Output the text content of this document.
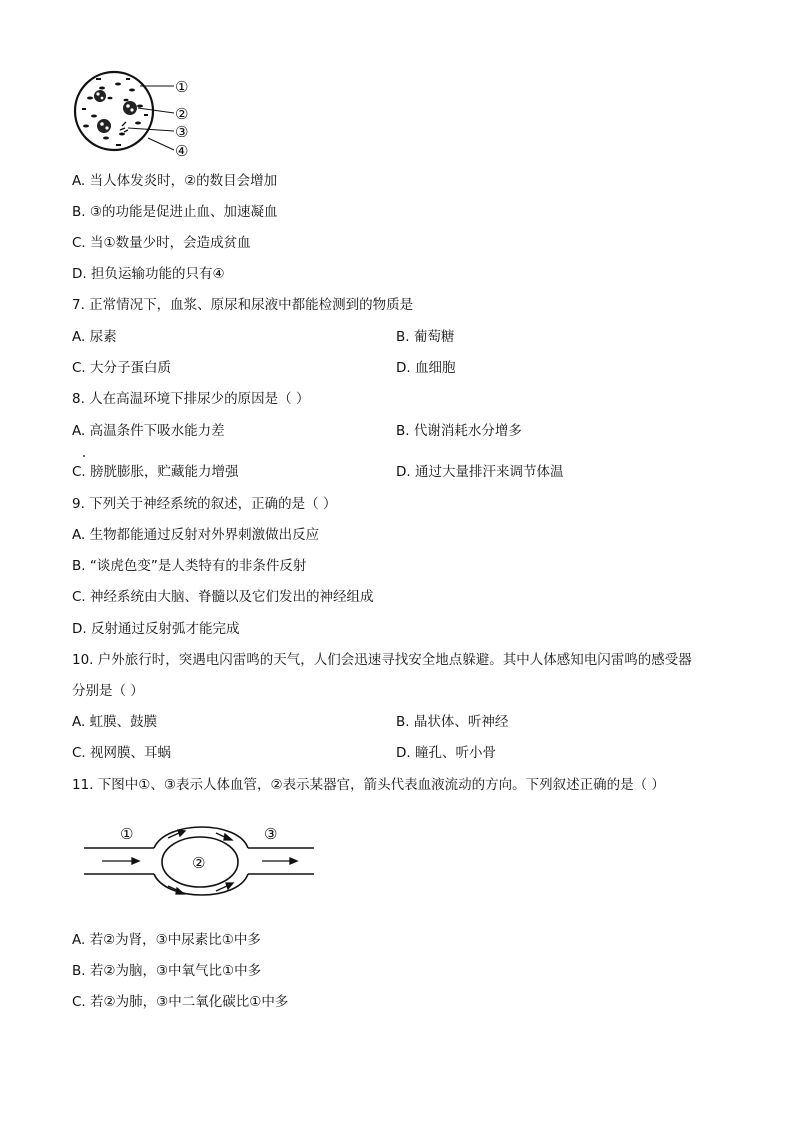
①
②
③
④
A. 当人体发炎时，②的数目会增加
B. ③的功能是促进止血、加速凝血
C. 当①数量少时，会造成贫血
D. 担负运输功能的只有④
7. 正常情况下，血浆、原尿和尿液中都能检测到的物质是
A. 尿素	B. 葡萄糖
C. 大分子蛋白质	D. 血细胞
8. 人在高温环境下排尿少的原因是（ ）
A. 高温条件下吸水能力差	B. 代谢消耗水分增多
C. 膀胱膨胀，贮藏能力增强	D. 通过大量排汗来调节体温
9. 下列关于神经系统的叙述，正确的是（ ）
A. 生物都能通过反射对外界刺激做出反应
B. “谈虎色变”是人类特有的非条件反射
C. 神经系统由大脑、脊髓以及它们发出的神经组成
D. 反射通过反射弧才能完成
10. 户外旅行时，突遇电闪雷鸣的天气，人们会迅速寻找安全地点躲避。其中人体感知电闪雷鸣的感受器
分别是（ ）
A. 虹膜、鼓膜	B. 晶状体、听神经
C. 视网膜、耳蜗	D. 瞳孔、听小骨
11. 下图中①、③表示人体血管，②表示某器官，箭头代表血液流动的方向。下列叙述正确的是（ ）
①
②
③
A. 若②为肾，③中尿素比①中多
B. 若②为脑，③中氧气比①中多
C. 若②为肺，③中二氧化碳比①中多
